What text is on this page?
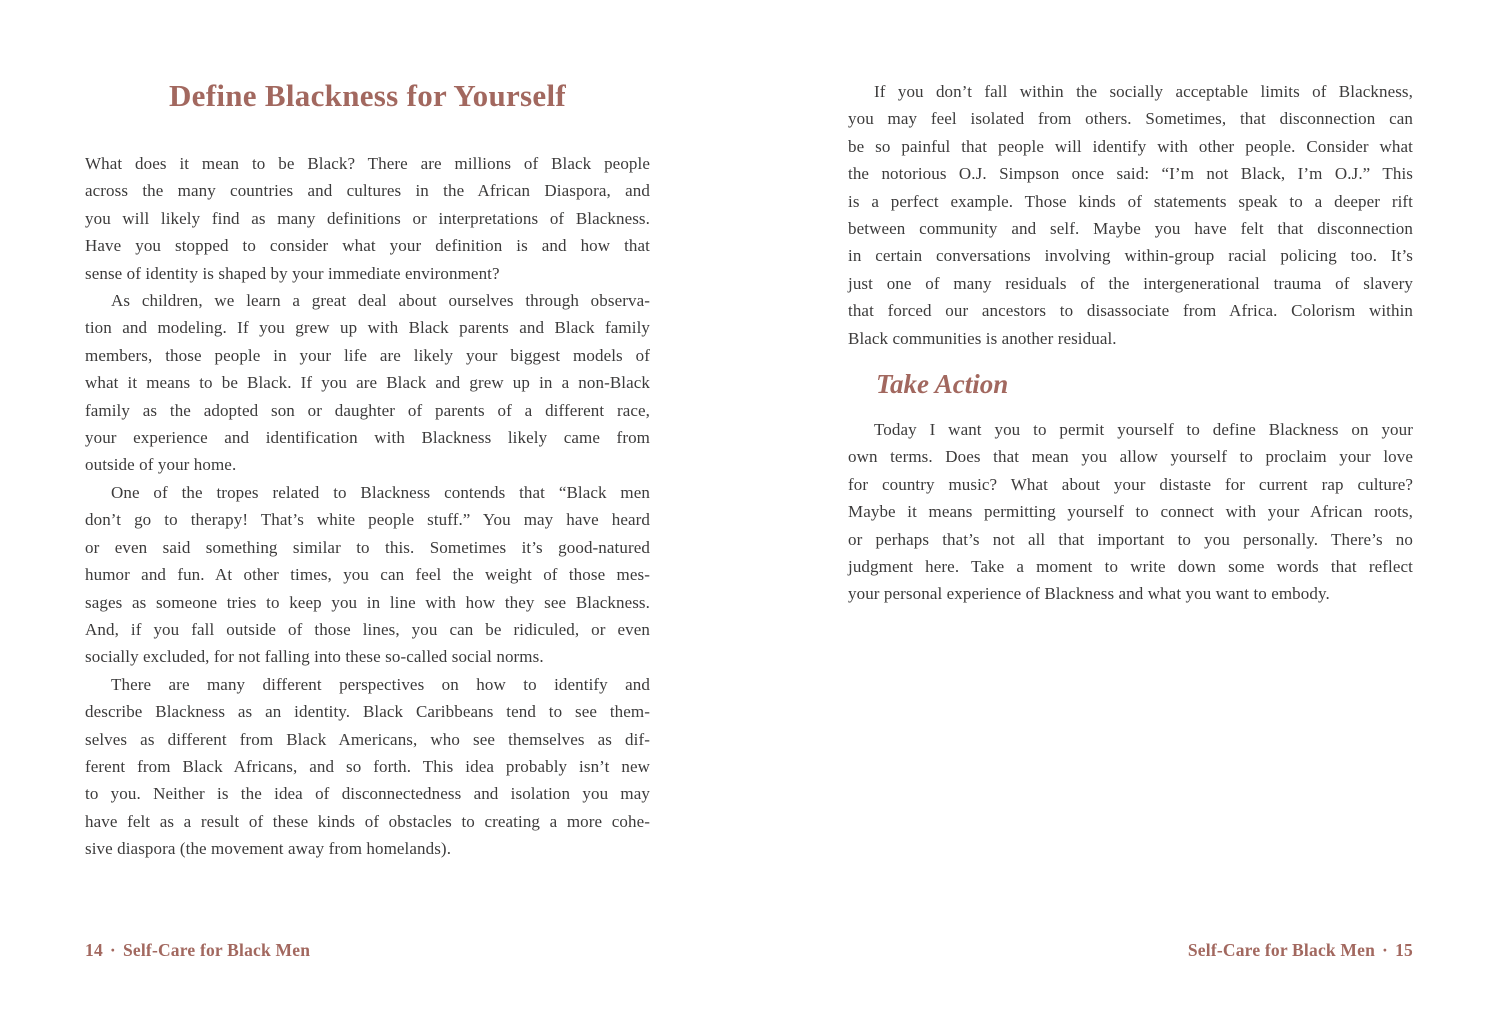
Define Blackness for Yourself
What does it mean to be Black? There are millions of Black people
across the many countries and cultures in the African Diaspora, and
you will likely find as many definitions or interpretations of Blackness.
Have you stopped to consider what your definition is and how that
sense of identity is shaped by your immediate environment?
As children, we learn a great deal about ourselves through observa-
tion and modeling. If you grew up with Black parents and Black family
members, those people in your life are likely your biggest models of
what it means to be Black. If you are Black and grew up in a non-Black
family as the adopted son or daughter of parents of a different race,
your experience and identification with Blackness likely came from
outside of your home.
One of the tropes related to Blackness contends that “Black men
don’t go to therapy! That’s white people stuff.” You may have heard
or even said something similar to this. Sometimes it’s good-natured
humor and fun. At other times, you can feel the weight of those mes-
sages as someone tries to keep you in line with how they see Blackness.
And, if you fall outside of those lines, you can be ridiculed, or even
socially excluded, for not falling into these so-called social norms.
There are many different perspectives on how to identify and
describe Blackness as an identity. Black Caribbeans tend to see them-
selves as different from Black Americans, who see themselves as dif-
ferent from Black Africans, and so forth. This idea probably isn’t new
to you. Neither is the idea of disconnectedness and isolation you may
have felt as a result of these kinds of obstacles to creating a more cohe-
sive diaspora (the movement away from homelands).
14 · Self-Care for Black Men
If you don’t fall within the socially acceptable limits of Blackness,
you may feel isolated from others. Sometimes, that disconnection can
be so painful that people will identify with other people. Consider what
the notorious O.J. Simpson once said: “I’m not Black, I’m O.J.” This
is a perfect example. Those kinds of statements speak to a deeper rift
between community and self. Maybe you have felt that disconnection
in certain conversations involving within-group racial policing too. It’s
just one of many residuals of the intergenerational trauma of slavery
that forced our ancestors to disassociate from Africa. Colorism within
Black communities is another residual.
Take Action
Today I want you to permit yourself to define Blackness on your
own terms. Does that mean you allow yourself to proclaim your love
for country music? What about your distaste for current rap culture?
Maybe it means permitting yourself to connect with your African roots,
or perhaps that’s not all that important to you personally. There’s no
judgment here. Take a moment to write down some words that reflect
your personal experience of Blackness and what you want to embody.
Self-Care for Black Men · 15
